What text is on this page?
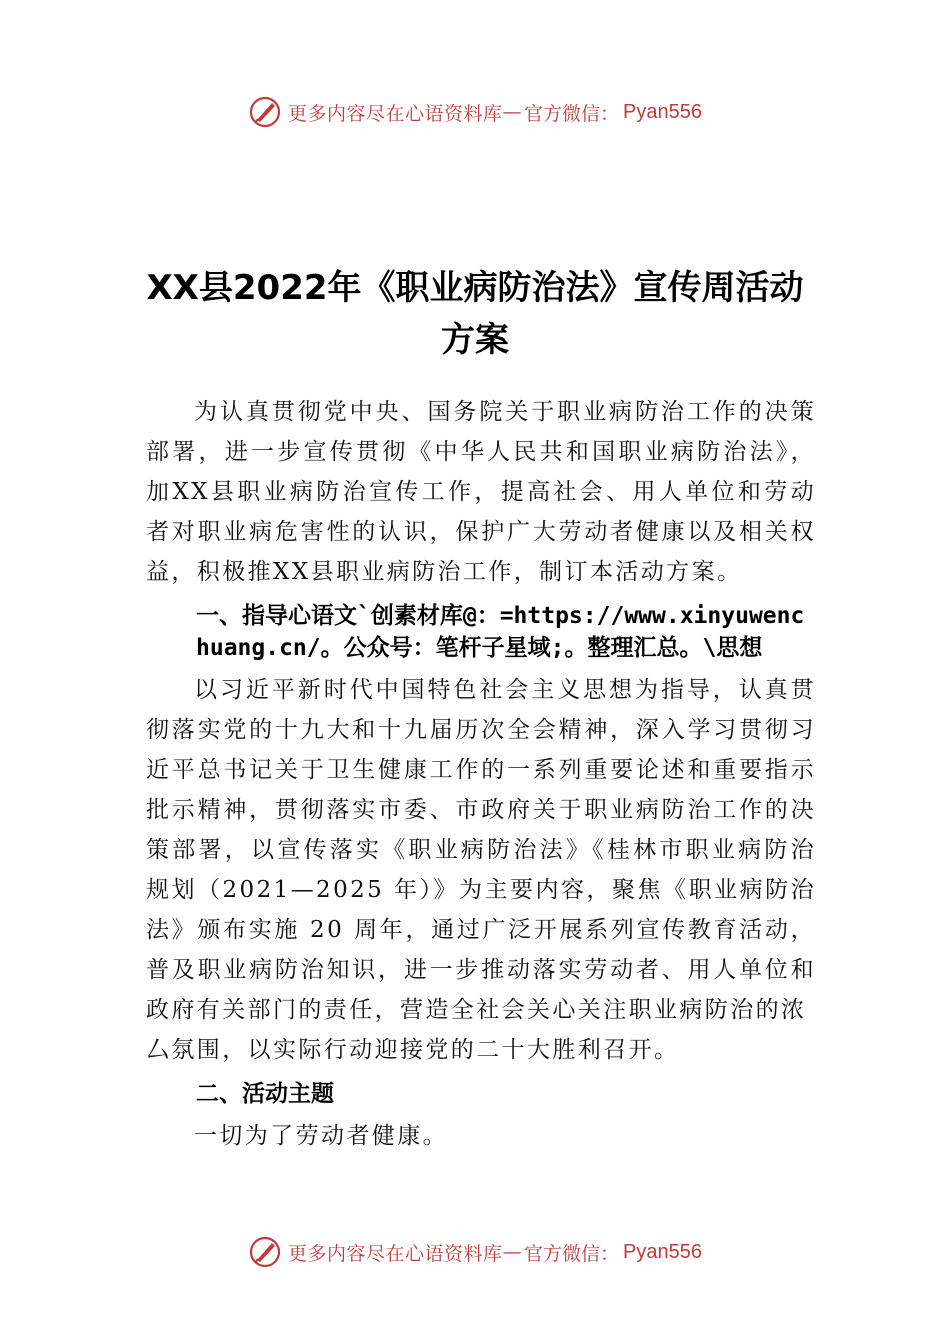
更多内容尽在心语资料库 — 官方微信： Pyan556
XX县2022年《职业病防治法》宣传周活动方案

为认真贯彻党中央、国务院关于职业病防治工作的决策部署，进一步宣传贯彻《中华人民共和国职业病防治法》，加XX县职业病防治宣传工作，提高社会、用人单位和劳动者对职业病危害性的认识，保护广大劳动者健康以及相关权益，积极推XX县职业病防治工作，制订本活动方案。

一、指导心语文`创素材库@：=https://www.xinyuwenchuang.cn/。公众号：笔杆子星域;。整理汇总。\思想

以习近平新时代中国特色社会主义思想为指导，认真贯彻落实党的十九大和十九届历次全会精神，深入学习贯彻习近平总书记关于卫生健康工作的一系列重要论述和重要指示批示精神，贯彻落实市委、市政府关于职业病防治工作的决策部署，以宣传落实《职业病防治法》《桂林市职业病防治规划（2021—2025 年）》为主要内容，聚焦《职业病防治法》颁布实施 20 周年，通过广泛开展系列宣传教育活动，普及职业病防治知识，进一步推动落实劳动者、用人单位和政府有关部门的责任，营造全社会关心关注职业病防治的浓

厶氛围，以实际行动迎接党的二十大胜利召开。

二、活动主题

一切为了劳动者健康。

更多内容尽在心语资料库 — 官方微信： Pyan556
